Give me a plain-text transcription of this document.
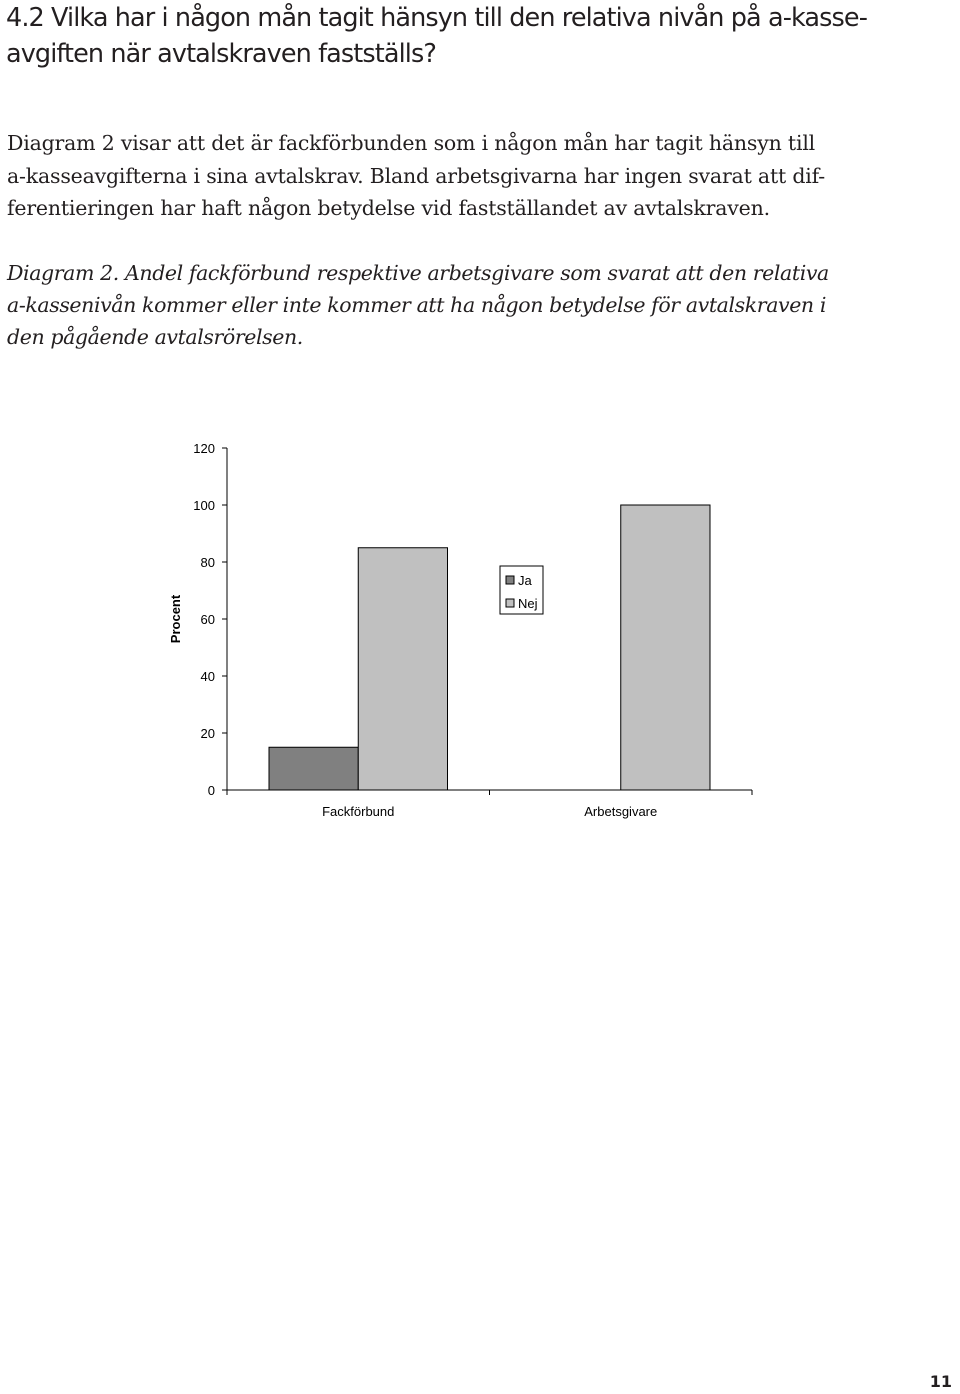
4.2 Vilka har i någon mån tagit hänsyn till den relativa nivån på a-kasse-
avgiften när avtalskraven fastställs?

Diagram 2 visar att det är fackförbunden som i någon mån har tagit hänsyn till
a-kasseavgifterna i sina avtalskrav. Bland arbetsgivarna har ingen svarat att dif-
ferentieringen har haft någon betydelse vid fastställandet av avtalskraven.

Diagram 2. Andel fackförbund respektive arbetsgivare som svarat att den relativa
a-kassenivån kommer eller inte kommer att ha någon betydelse för avtalskraven i
den pågående avtalsrörelsen.

0
20
40
60
80
100
120
Fackförbund	Arbetsgivare
Procent
Ja
Nej
11
